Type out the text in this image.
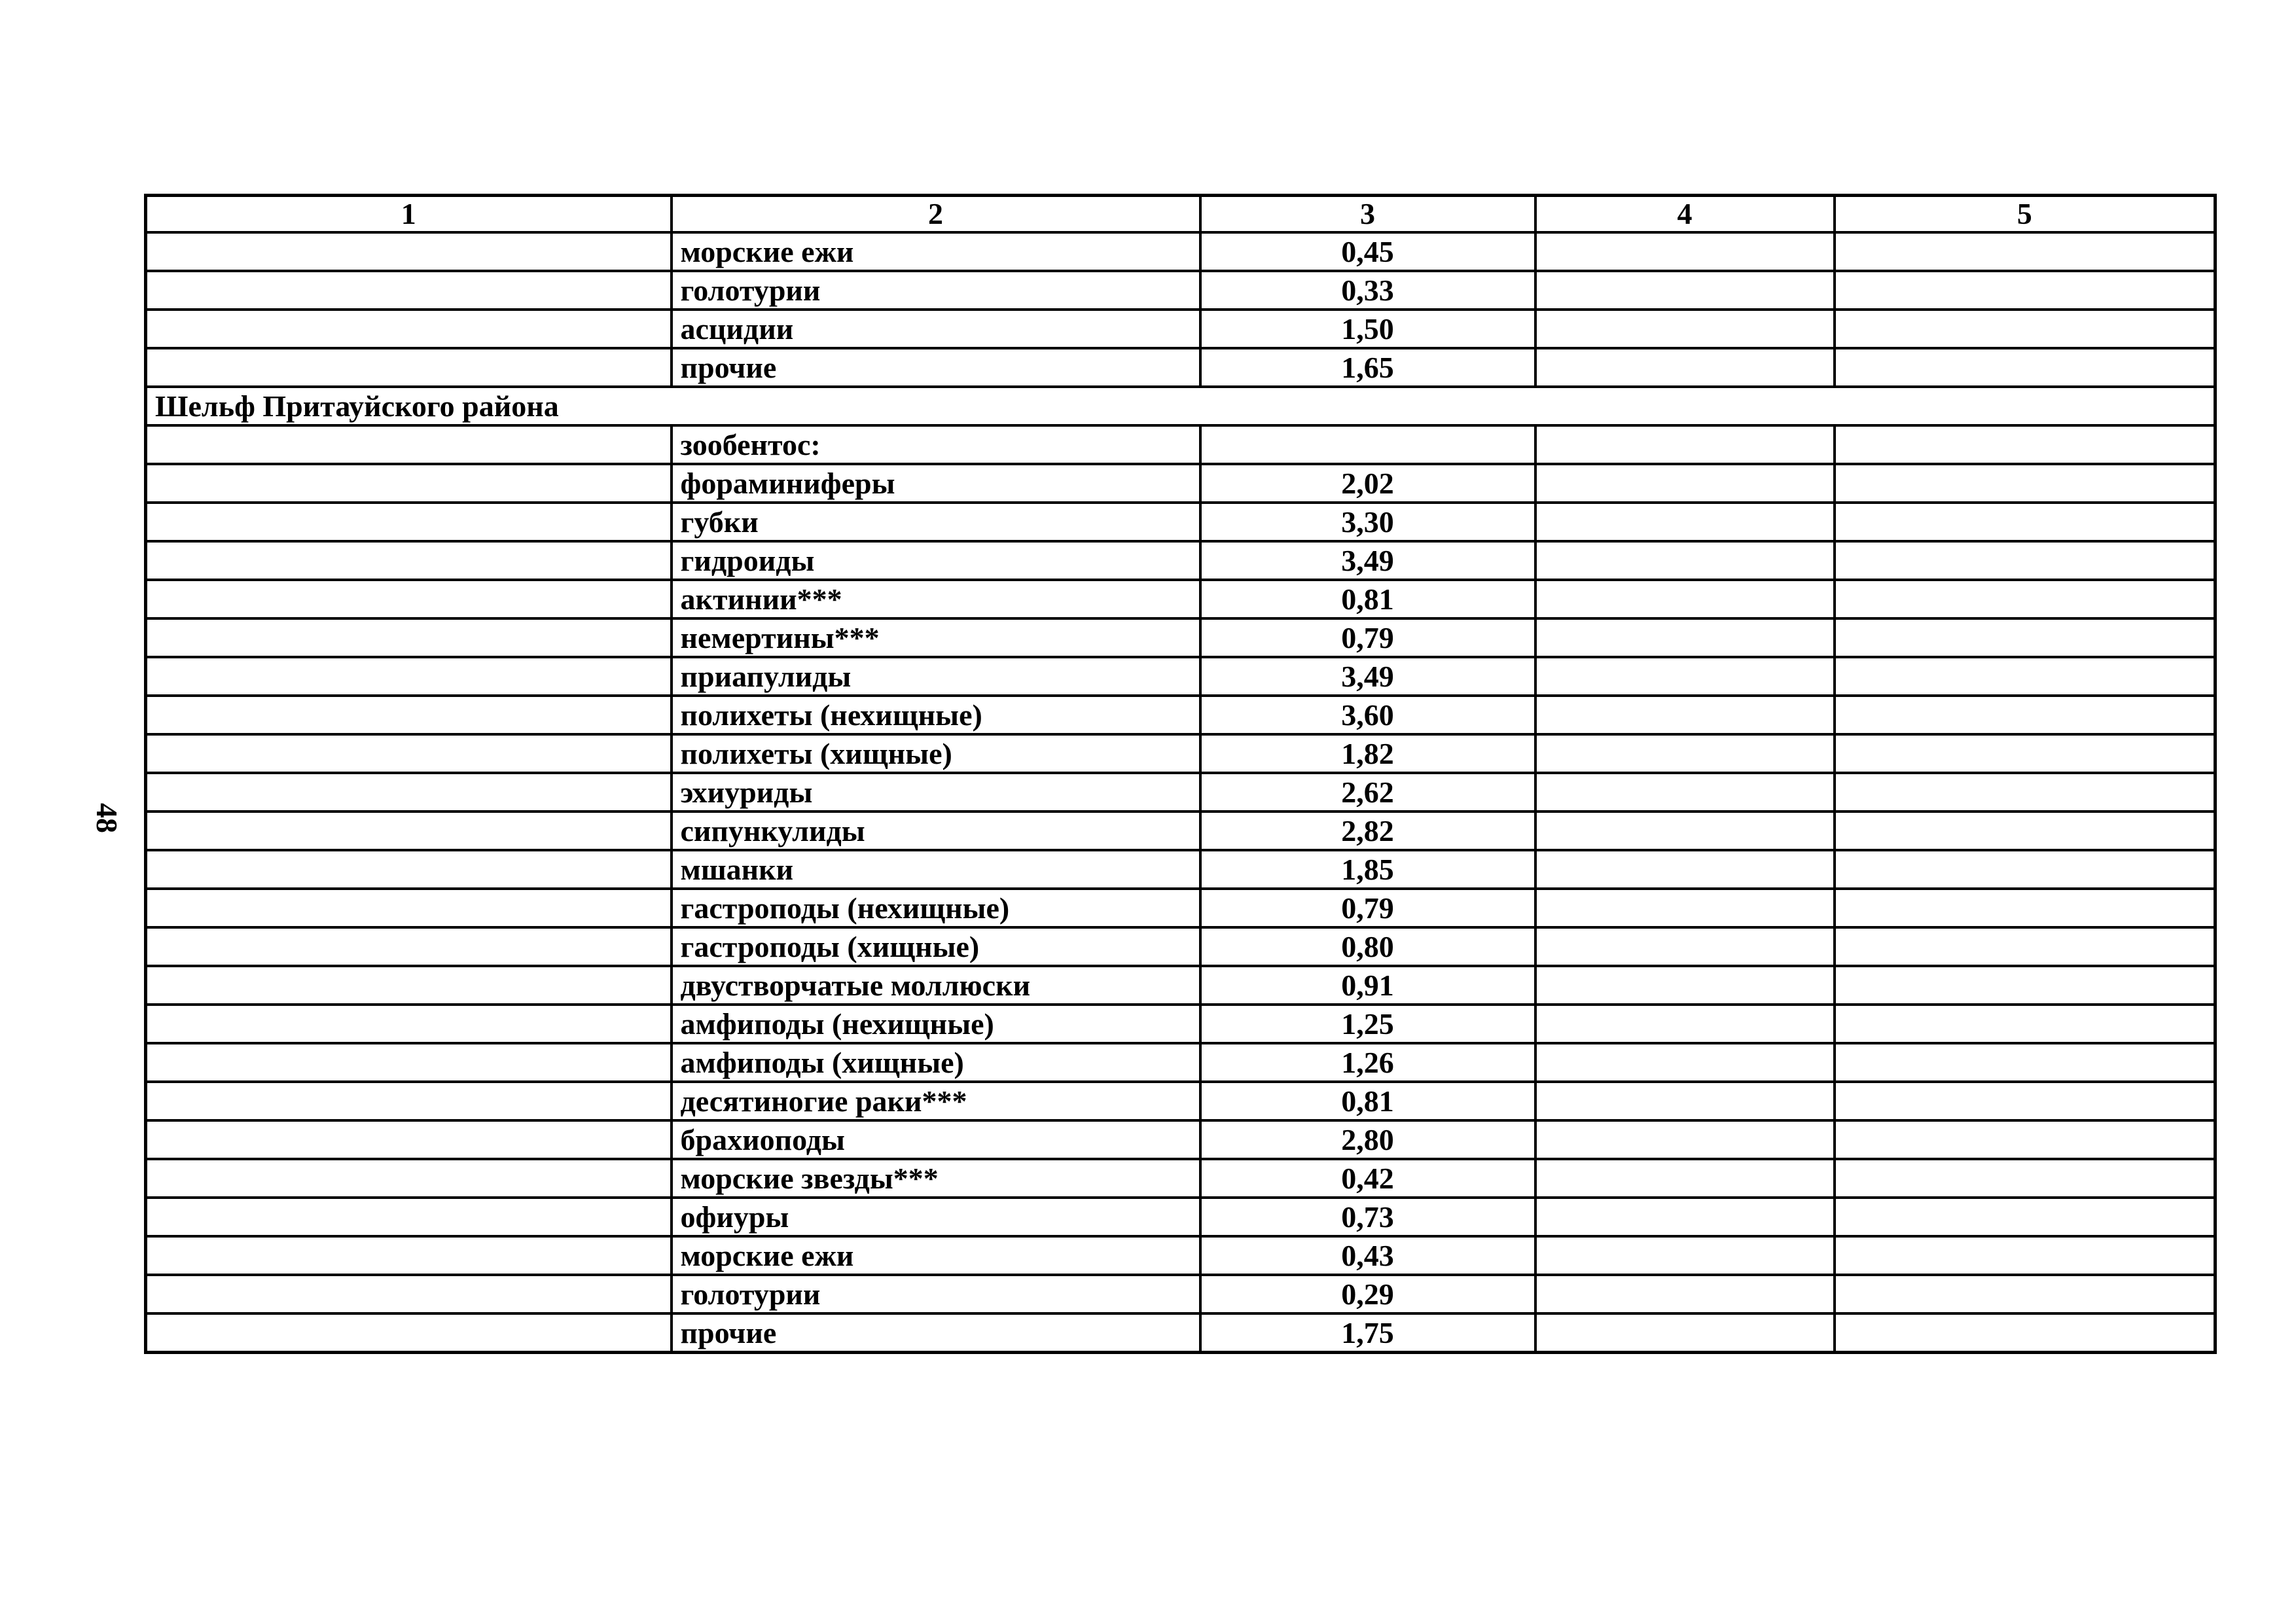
48
1	2	3	4	5
	морские ежи	0,45		
	голотурии	0,33		
	асцидии	1,50		
	прочие	1,65		
Шельф Притауйского района				
	зообентос:			
	фораминиферы	2,02		
	губки	3,30		
	гидроиды	3,49		
	актинии***	0,81		
	немертины***	0,79		
	приапулиды	3,49		
	полихеты (нехищные)	3,60		
	полихеты (хищные)	1,82		
	эхиуриды	2,62		
	сипункулиды	2,82		
	мшанки	1,85		
	гастроподы (нехищные)	0,79		
	гастроподы (хищные)	0,80		
	двустворчатые моллюски	0,91		
	амфиподы (нехищные)	1,25		
	амфиподы (хищные)	1,26		
	десятиногие раки***	0,81		
	брахиоподы	2,80		
	морские звезды***	0,42		
	офиуры	0,73		
	морские ежи	0,43		
	голотурии	0,29		
	прочие	1,75		
